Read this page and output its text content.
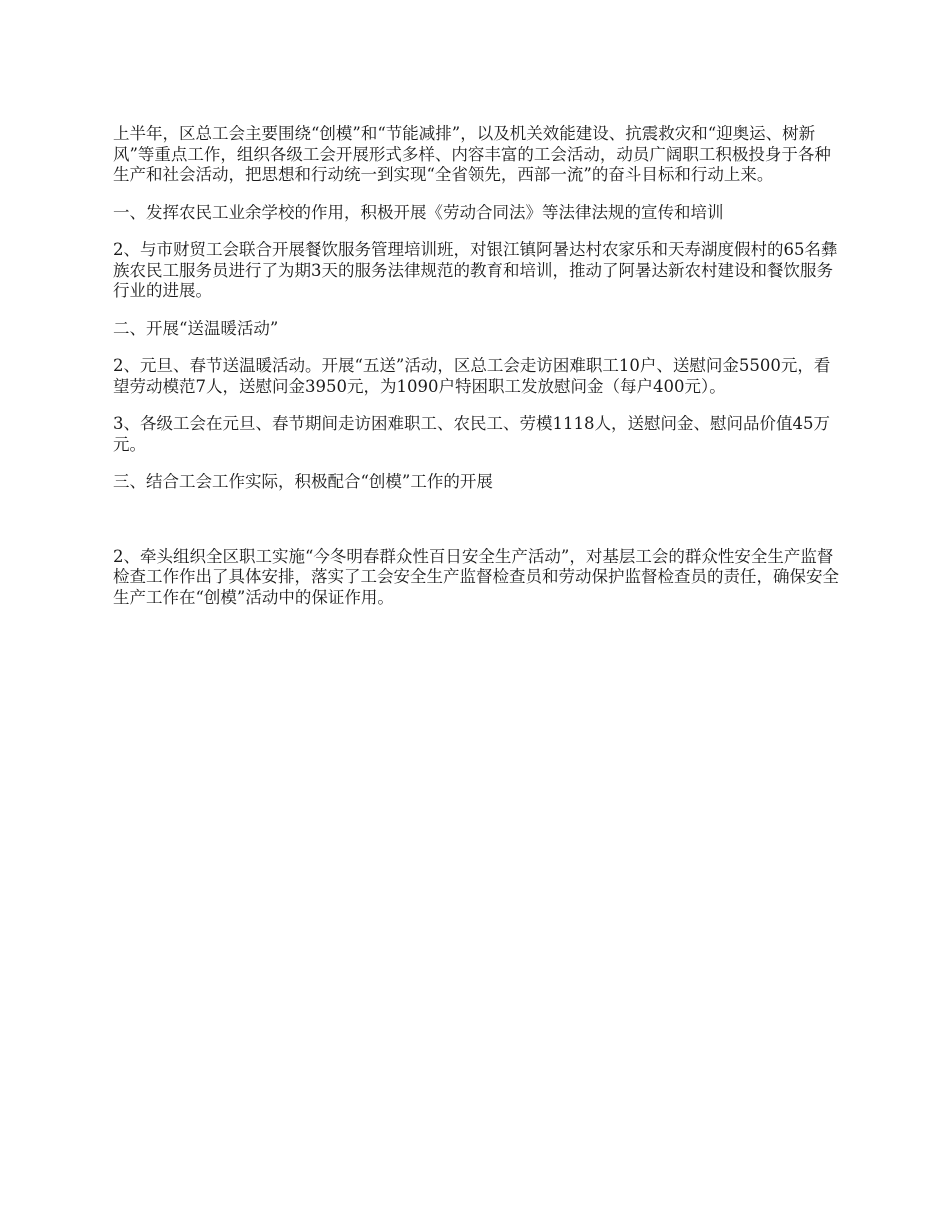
上半年，区总工会主要围绕“创模”和“节能减排”，以及机关效能建设、抗震救灾和“迎奥运、树新风”等重点工作，组织各级工会开展形式多样、内容丰富的工会活动，动员广阔职工积极投身于各种生产和社会活动，把思想和行动统一到实现“全省领先，西部一流”的奋斗目标和行动上来。

一、发挥农民工业余学校的作用，积极开展《劳动合同法》等法律法规的宣传和培训

2、与市财贸工会联合开展餐饮服务管理培训班，对银江镇阿暑达村农家乐和天寿湖度假村的65名彝族农民工服务员进行了为期3天的服务法律规范的教育和培训，推动了阿暑达新农村建设和餐饮服务行业的进展。

二、开展“送温暖活动”

2、元旦、春节送温暖活动。开展“五送”活动，区总工会走访困难职工10户、送慰问金5500元，看望劳动模范7人，送慰问金3950元，为1090户特困职工发放慰问金（每户400元）。

3、各级工会在元旦、春节期间走访困难职工、农民工、劳模1118人，送慰问金、慰问品价值45万元。

三、结合工会工作实际，积极配合“创模”工作的开展

2、牵头组织全区职工实施“今冬明春群众性百日安全生产活动”，对基层工会的群众性安全生产监督检查工作作出了具体安排，落实了工会安全生产监督检查员和劳动保护监督检查员的责任，确保安全生产工作在“创模”活动中的保证作用。
